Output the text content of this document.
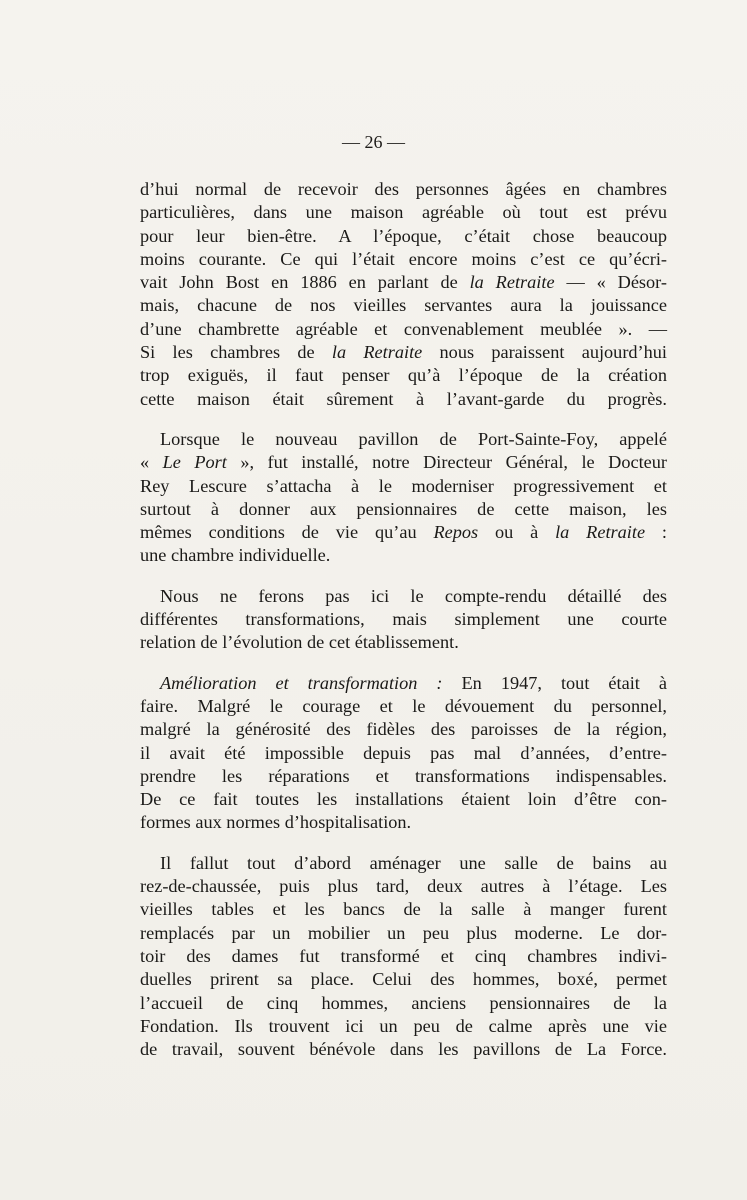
— 26 —
d’hui normal de recevoir des personnes âgées en chambres
particulières, dans une maison agréable où tout est prévu
pour leur bien-être. A l’époque, c’était chose beaucoup
moins courante. Ce qui l’était encore moins c’est ce qu’écri-
vait John Bost en 1886 en parlant de la Retraite — « Désor-
mais, chacune de nos vieilles servantes aura la jouissance
d’une chambrette agréable et convenablement meublée ». —
Si les chambres de la Retraite nous paraissent aujourd’hui
trop exiguës, il faut penser qu’à l’époque de la création
cette maison était sûrement à l’avant-garde du progrès.
Lorsque le nouveau pavillon de Port-Sainte-Foy, appelé
« Le Port », fut installé, notre Directeur Général, le Docteur
Rey Lescure s’attacha à le moderniser progressivement et
surtout à donner aux pensionnaires de cette maison, les
mêmes conditions de vie qu’au Repos ou à la Retraite :
une chambre individuelle.
Nous ne ferons pas ici le compte-rendu détaillé des
différentes transformations, mais simplement une courte
relation de l’évolution de cet établissement.
Amélioration et transformation : En 1947, tout était à
faire. Malgré le courage et le dévouement du personnel,
malgré la générosité des fidèles des paroisses de la région,
il avait été impossible depuis pas mal d’années, d’entre-
prendre les réparations et transformations indispensables.
De ce fait toutes les installations étaient loin d’être con-
formes aux normes d’hospitalisation.
Il fallut tout d’abord aménager une salle de bains au
rez-de-chaussée, puis plus tard, deux autres à l’étage. Les
vieilles tables et les bancs de la salle à manger furent
remplacés par un mobilier un peu plus moderne. Le dor-
toir des dames fut transformé et cinq chambres indivi-
duelles prirent sa place. Celui des hommes, boxé, permet
l’accueil de cinq hommes, anciens pensionnaires de la
Fondation. Ils trouvent ici un peu de calme après une vie
de travail, souvent bénévole dans les pavillons de La Force.
